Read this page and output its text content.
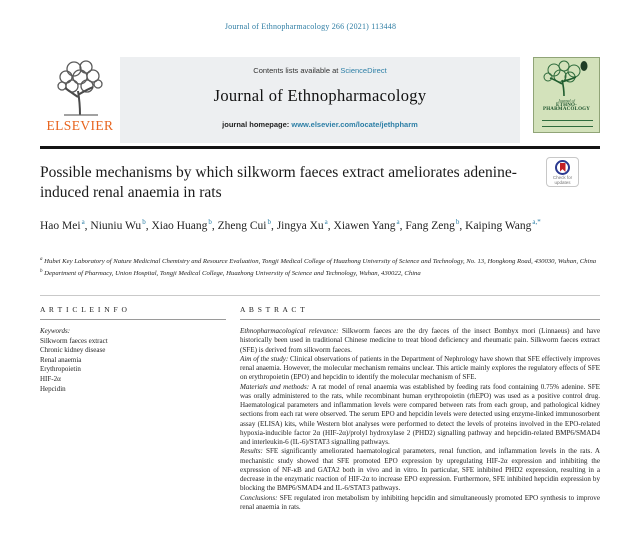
Journal of Ethnopharmacology 266 (2021) 113448
ELSEVIER
Contents lists available at ScienceDirect
Journal of Ethnopharmacology
journal homepage: www.elsevier.com/locate/jethpharm
Journal of
ETHNO-
PHARMACOLOGY
Check for
updates
Possible mechanisms by which silkworm faeces extract ameliorates adenine-induced renal anaemia in rats
Hao Mei$^a$, Niuniu Wu$^b$, Xiao Huang$^b$, Zheng Cui$^b$, Jingya Xu$^a$, Xiawen Yang$^a$, Fang Zeng$^b$, Kaiping Wang$^{a,*}$
$^a$ Hubei Key Laboratory of Nature Medicinal Chemistry and Resource Evaluation, Tongji Medical College of Huazhong University of Science and Technology, No. 13, Hongkong Road, 430030, Wuhan, China
$^b$ Department of Pharmacy, Union Hospital, Tongji Medical College, Huazhong University of Science and Technology, Wuhan, 430022, China
A R T I C L E I N F O
Keywords:
Silkworm faeces extract
Chronic kidney disease
Renal anaemia
Erythropoietin
HIF-2α
Hepcidin
A B S T R A C T
Ethnopharmacological relevance: Silkworm faeces are the dry faeces of the insect Bombyx mori (Linnaeus) and have historically been used in traditional Chinese medicine to treat blood deficiency and rheumatic pain. Silkworm faeces extract (SFE) is derived from silkworm faeces.
Aim of the study: Clinical observations of patients in the Department of Nephrology have shown that SFE effectively improves renal anaemia. However, the molecular mechanism remains unclear. This article mainly explores the regulatory effects of SFE on erythropoietin (EPO) and hepcidin to identify the molecular mechanism of SFE.
Materials and methods: A rat model of renal anaemia was established by feeding rats food containing 0.75% adenine. SFE was orally administered to the rats, while recombinant human erythropoietin (rhEPO) was used as a positive control drug. Haematological parameters and inflammation levels were compared between rats from each group, and pathological kidney sections from each rat were observed. The serum EPO and hepcidin levels were detected using enzyme-linked immunosorbent assay (ELISA) kits, while Western blot analyses were performed to detect the levels of proteins involved in the EPO-related hypoxia-inducible factor 2α (HIF-2α)/prolyl hydroxylase 2 (PHD2) signalling pathway and hepcidin-related BMP6/SMAD4 and interleukin-6 (IL-6)/STAT3 signalling pathways.
Results: SFE significantly ameliorated haematological parameters, renal function, and inflammation levels in the rats. A mechanistic study showed that SFE promoted EPO expression by upregulating HIF-2α expression and inhibiting the expression of NF-κB and GATA2 both in vivo and in vitro. In particular, SFE inhibited PHD2 expression, resulting in a decrease in the enzymatic reaction of HIF-2α to increase EPO expression. Furthermore, SFE inhibited hepcidin expression by blocking the BMP6/SMAD4 and IL-6/STAT3 pathways.
Conclusions: SFE regulated iron metabolism by inhibiting hepcidin and simultaneously promoted EPO synthesis to improve renal anaemia in rats.
